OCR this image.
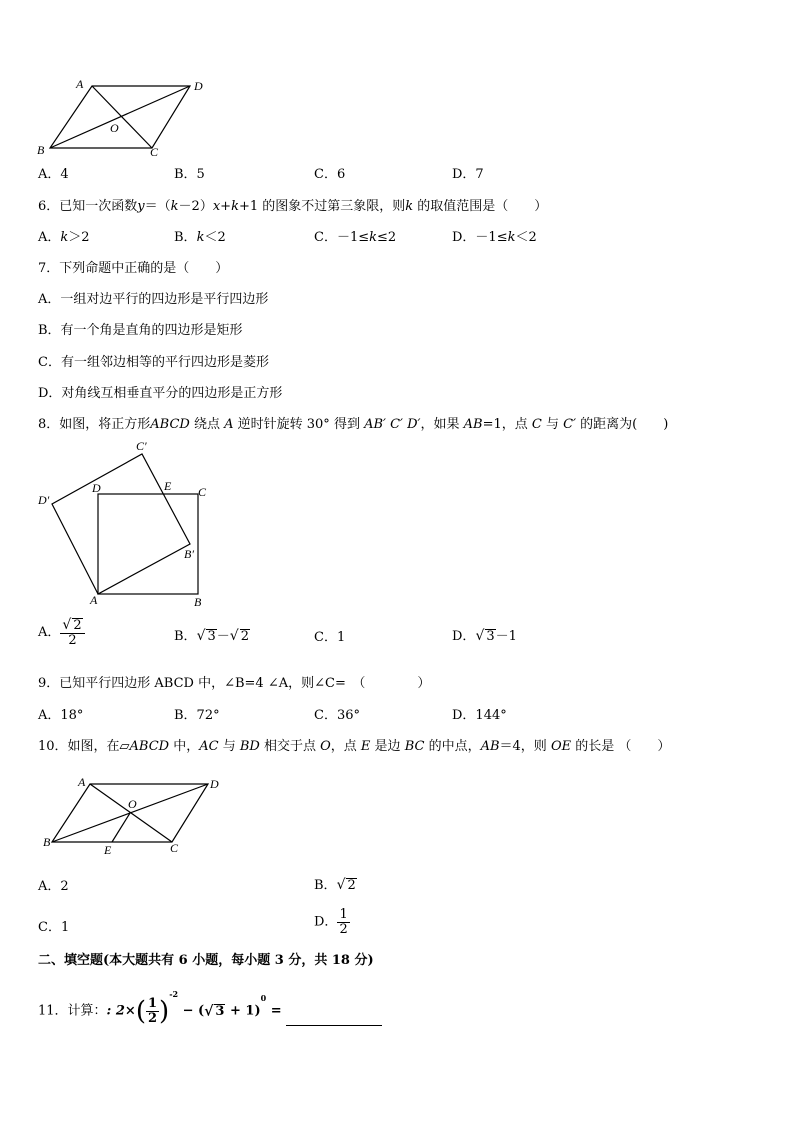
A	D
O
B	C
A．4	B．5	C．6	D．7
6．已知一次函数y＝（k－2）x+k+1 的图象不过第三象限，则k 的取值范围是（　　）
A．k＞2	B．k＜2	C．－1≤k≤2	D．－1≤k＜2
7．下列命题中正确的是（　　）
A．一组对边平行的四边形是平行四边形
B．有一个角是直角的四边形是矩形
C．有一组邻边相等的平行四边形是菱形
D．对角线互相垂直平分的四边形是正方形
8．如图，将正方形ABCD 绕点 A 逆时针旋转 30° 得到 AB′ C′ D′，如果 AB=1，点 C 与 C′ 的距离为(　　)
C′
D′
D	E C
B′
A	B
A． $\frac{√ 2}{2}$	B．√ 3－√ 2	C．1	D．√ 3－1
9．已知平行四边形 ABCD 中，∠B=4 ∠A，则∠C=　（　　　　）
A．18°	B．72°	C．36°	D．144°
10．如图，在▱ABCD 中，AC 与 BD 相交于点 O，点 E 是边 BC 的中点，AB＝4，则 OE 的长是 （　　）
A	D
O
B
E	C
A．2	B．√ 2
C．1	D． $\frac{1}{2}$
二、填空题(本大题共有 6 小题，每小题 3 分，共 18 分)
11．计算：: $2\times( \frac{1}{2} )^{-2}$ − (√ 3 + 1)$^0$ =
